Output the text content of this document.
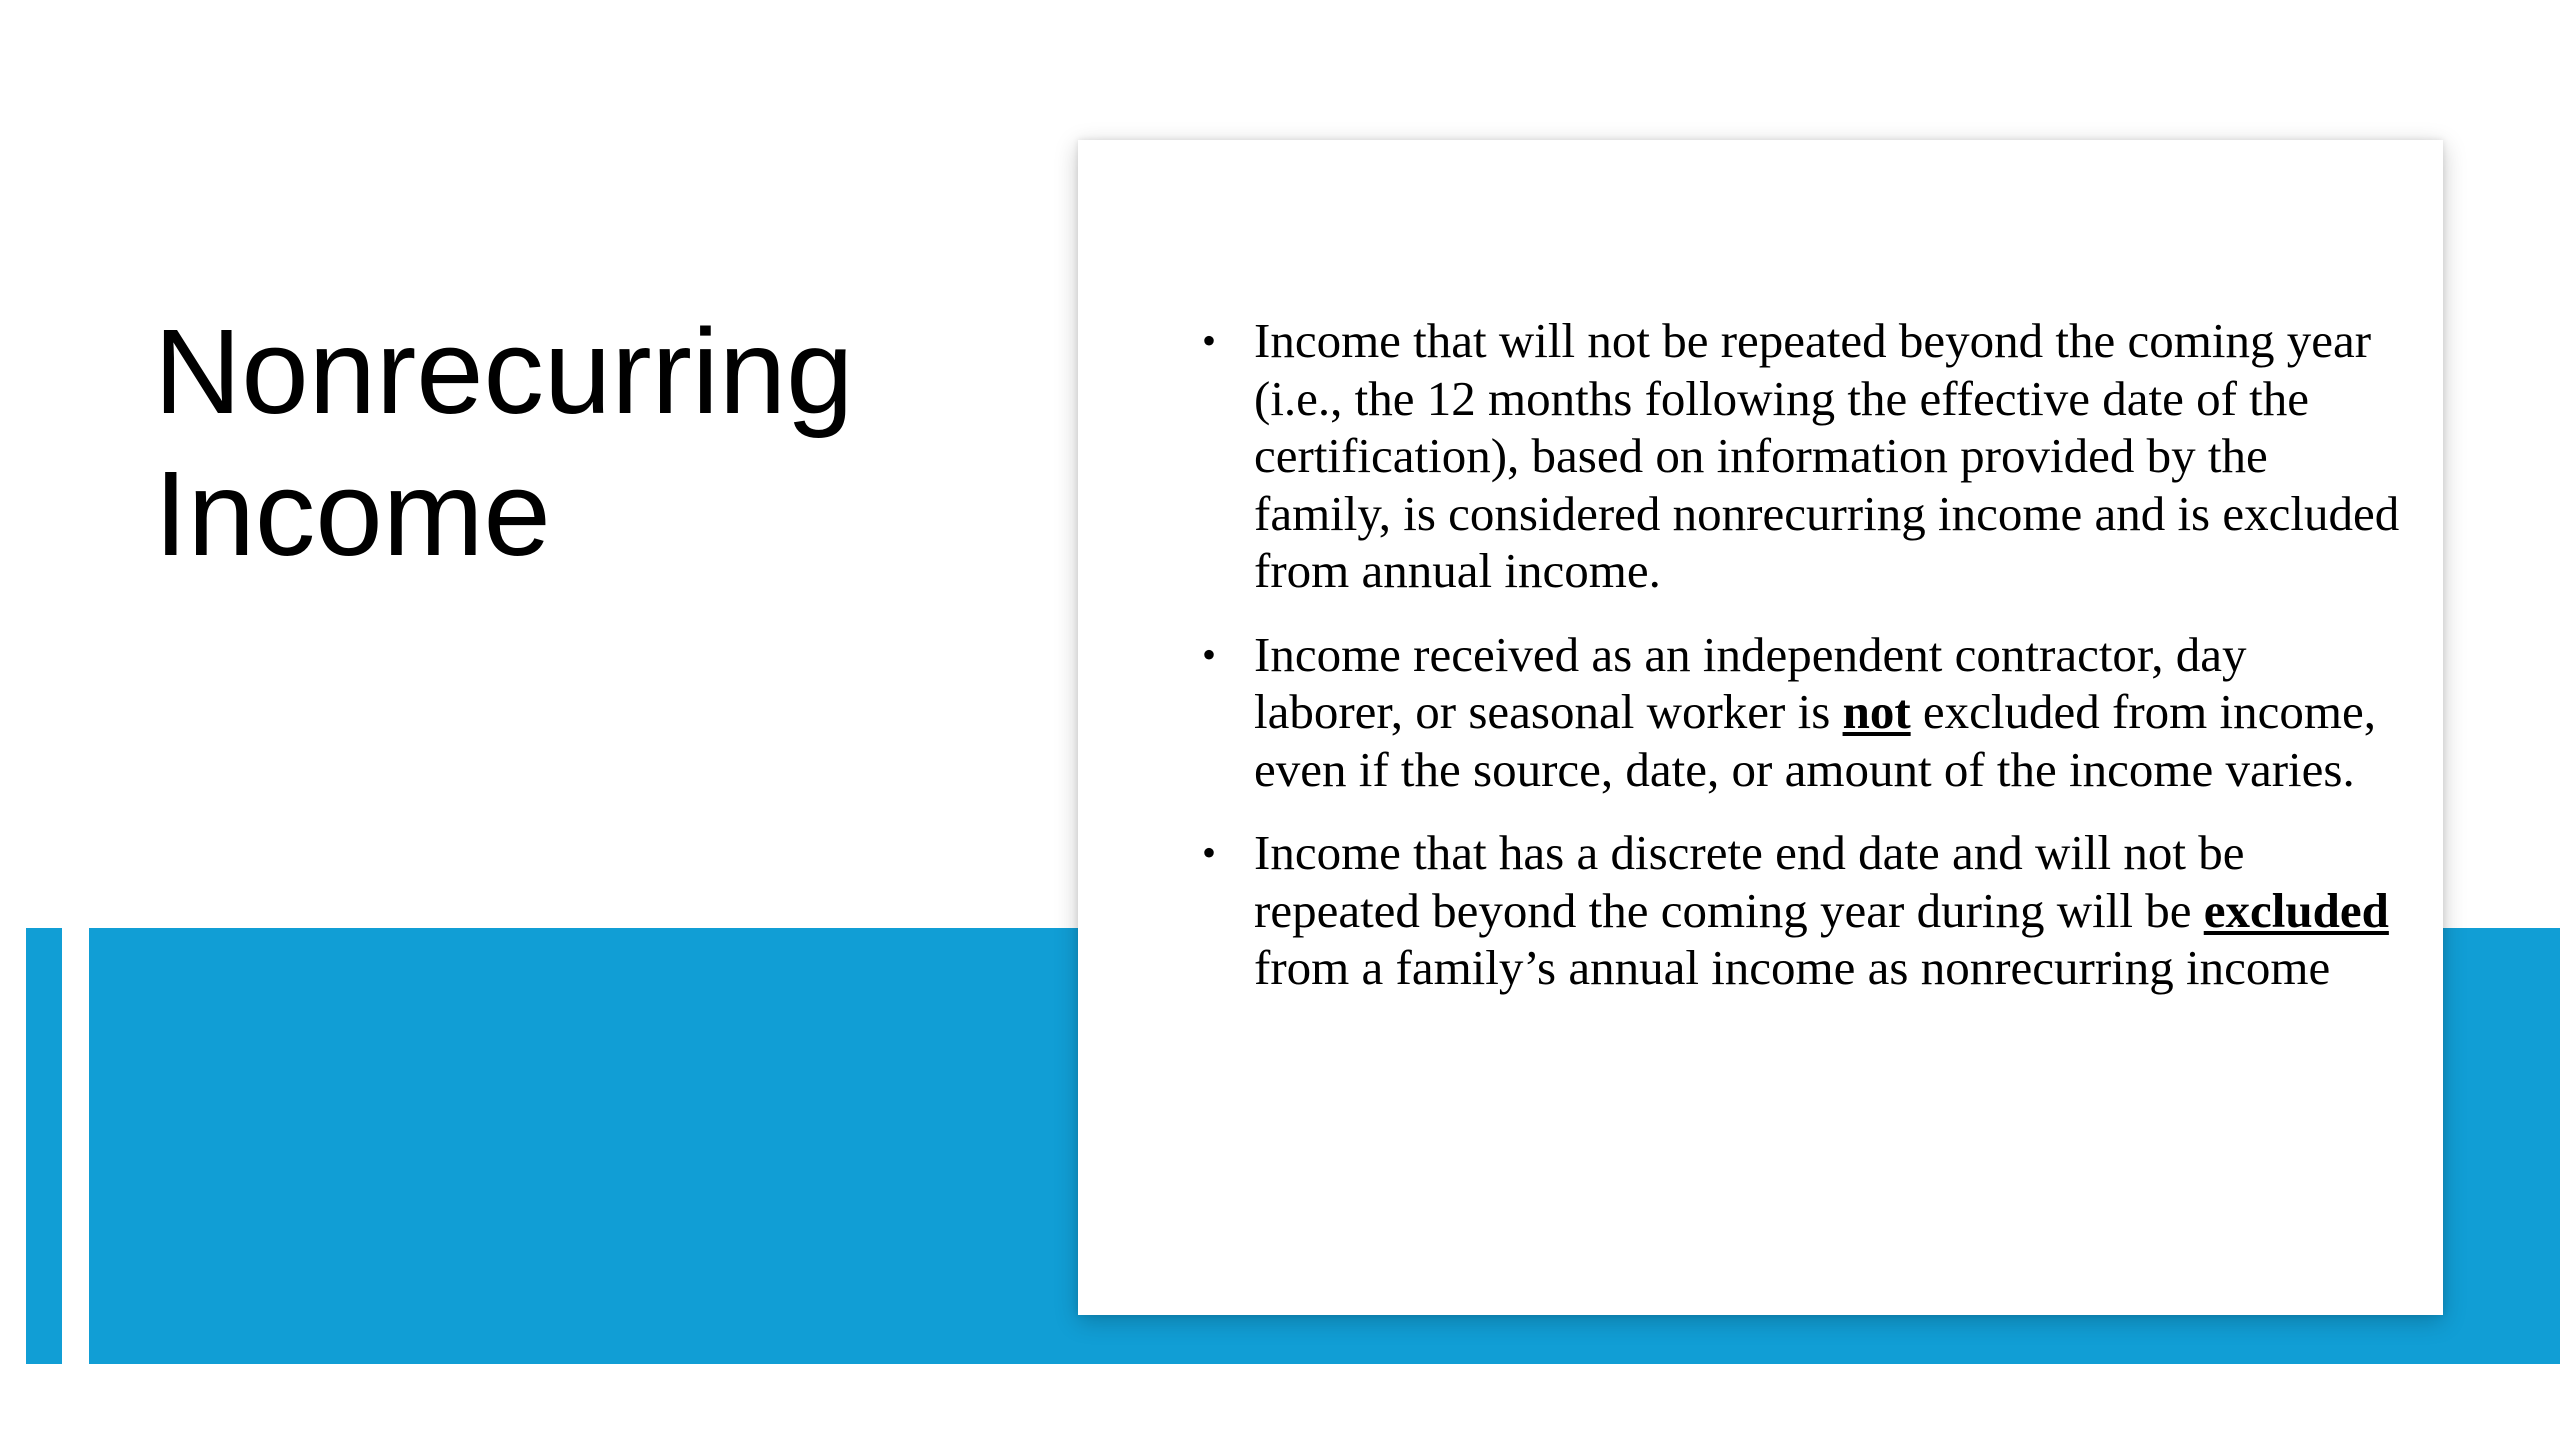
Nonrecurring Income
• Income that will not be repeated beyond the coming year (i.e., the 12 months following the effective date of the certification), based on information provided by the family, is considered nonrecurring income and is excluded from annual income.
• Income received as an independent contractor, day laborer, or seasonal worker is not excluded from income, even if the source, date, or amount of the income varies.
• Income that has a discrete end date and will not be repeated beyond the coming year during will be excluded from a family’s annual income as nonrecurring income
